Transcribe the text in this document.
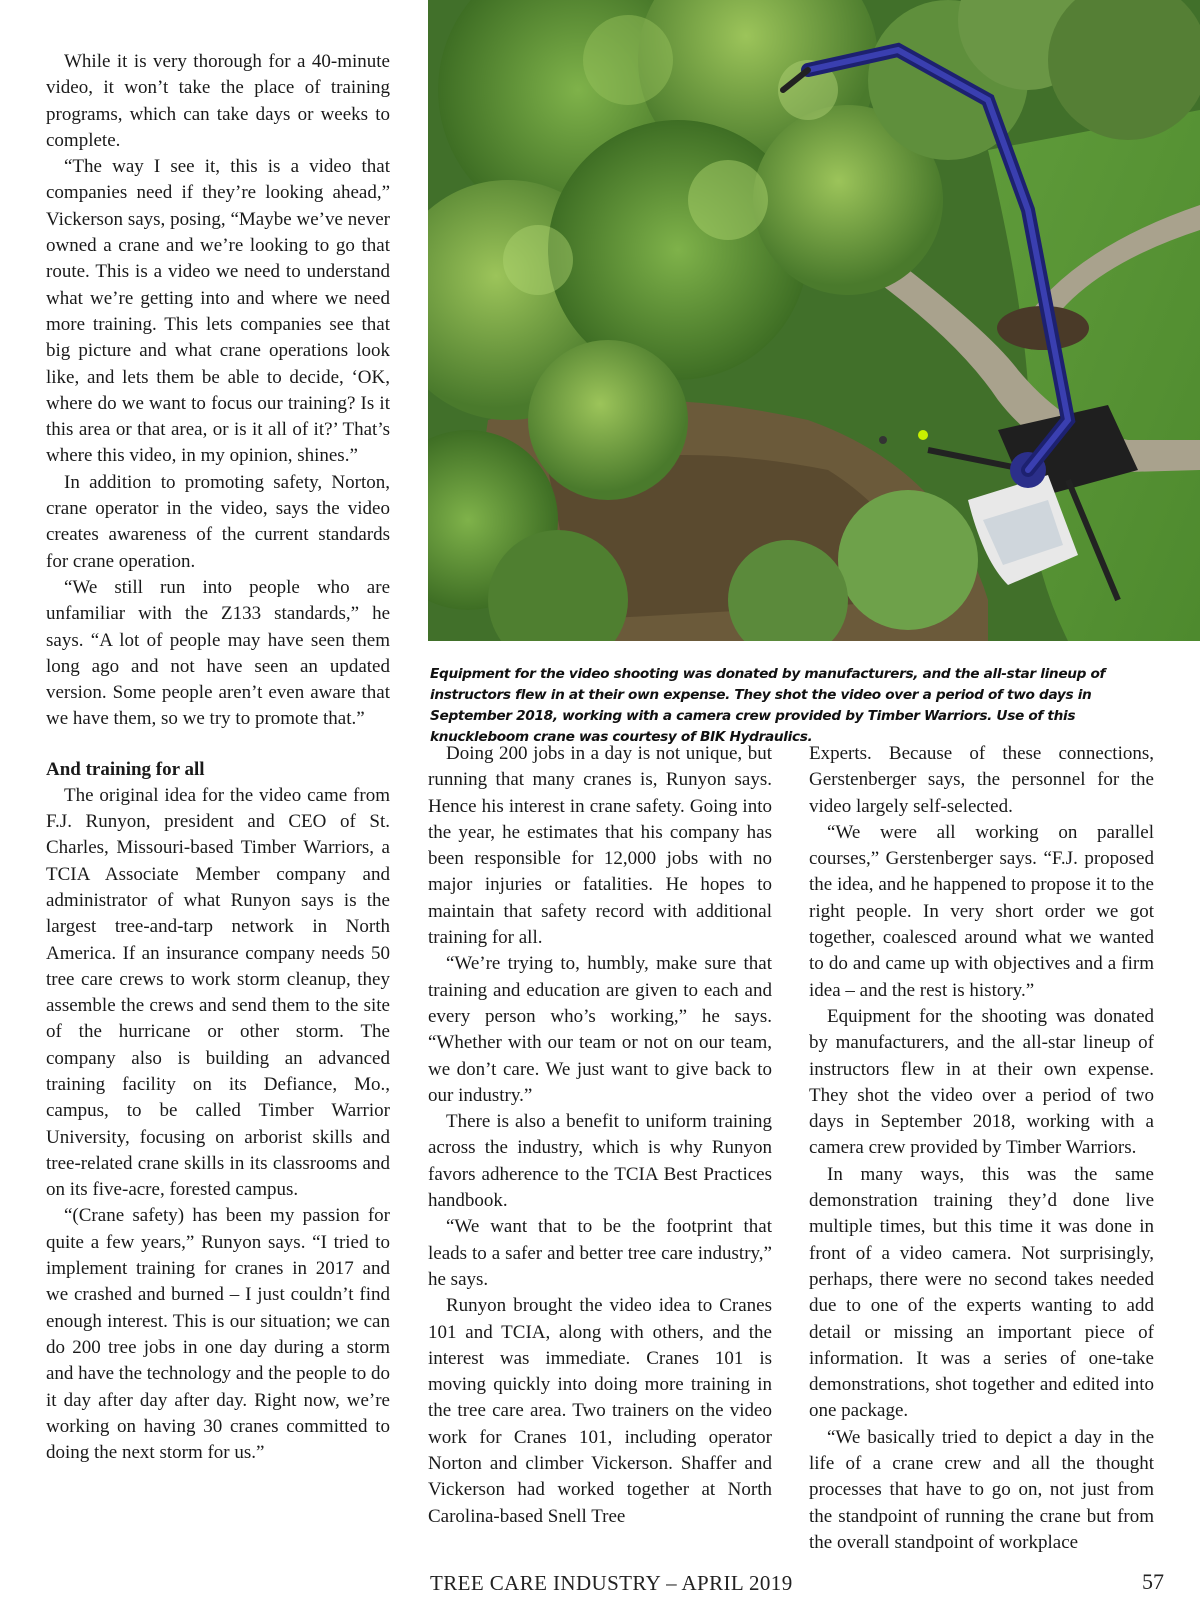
While it is very thorough for a 40-minute video, it won’t take the place of training programs, which can take days or weeks to complete.

“The way I see it, this is a video that companies need if they’re looking ahead,” Vickerson says, posing, “Maybe we’ve never owned a crane and we’re looking to go that route. This is a video we need to understand what we’re getting into and where we need more training. This lets companies see that big picture and what crane operations look like, and lets them be able to decide, ‘OK, where do we want to focus our training? Is it this area or that area, or is it all of it?’ That’s where this video, in my opinion, shines.”

In addition to promoting safety, Norton, crane operator in the video, says the video creates awareness of the current standards for crane operation.

“We still run into people who are unfamiliar with the Z133 standards,” he says. “A lot of people may have seen them long ago and not have seen an updated version. Some people aren’t even aware that we have them, so we try to promote that.”

And training for all

The original idea for the video came from F.J. Runyon, president and CEO of St. Charles, Missouri-based Timber Warriors, a TCIA Associate Member company and administrator of what Runyon says is the largest tree-and-tarp network in North America. If an insurance company needs 50 tree care crews to work storm cleanup, they assemble the crews and send them to the site of the hurricane or other storm. The company also is building an advanced training facility on its Defiance, Mo., campus, to be called Timber Warrior University, focusing on arborist skills and tree-related crane skills in its classrooms and on its five-acre, forested campus.

“(Crane safety) has been my passion for quite a few years,” Runyon says. “I tried to implement training for cranes in 2017 and we crashed and burned – I just couldn’t find enough interest. This is our situation; we can do 200 tree jobs in one day during a storm and have the technology and the people to do it day after day after day. Right now, we’re working on having 30 cranes committed to doing the next storm for us.”

Equipment for the video shooting was donated by manufacturers, and the all-star lineup of instructors flew in at their own expense. They shot the video over a period of two days in September 2018, working with a camera crew provided by Timber Warriors. Use of this knuckleboom crane was courtesy of BIK Hydraulics.

Doing 200 jobs in a day is not unique, but running that many cranes is, Runyon says. Hence his interest in crane safety. Going into the year, he estimates that his company has been responsible for 12,000 jobs with no major injuries or fatalities. He hopes to maintain that safety record with additional training for all.

“We’re trying to, humbly, make sure that training and education are given to each and every person who’s working,” he says. “Whether with our team or not on our team, we don’t care. We just want to give back to our industry.”

There is also a benefit to uniform training across the industry, which is why Runyon favors adherence to the TCIA Best Practices handbook.

“We want that to be the footprint that leads to a safer and better tree care industry,” he says.

Runyon brought the video idea to Cranes 101 and TCIA, along with others, and the interest was immediate. Cranes 101 is moving quickly into doing more training in the tree care area. Two trainers on the video work for Cranes 101, including operator Norton and climber Vickerson. Shaffer and Vickerson had worked together at North Carolina-based Snell Tree

Experts. Because of these connections, Gerstenberger says, the personnel for the video largely self-selected.

“We were all working on parallel courses,” Gerstenberger says. “F.J. proposed the idea, and he happened to propose it to the right people. In very short order we got together, coalesced around what we wanted to do and came up with objectives and a firm idea – and the rest is history.”

Equipment for the shooting was donated by manufacturers, and the all-star lineup of instructors flew in at their own expense. They shot the video over a period of two days in September 2018, working with a camera crew provided by Timber Warriors.

In many ways, this was the same demonstration training they’d done live multiple times, but this time it was done in front of a video camera. Not surprisingly, perhaps, there were no second takes needed due to one of the experts wanting to add detail or missing an important piece of information. It was a series of one-take demonstrations, shot together and edited into one package.

“We basically tried to depict a day in the life of a crane crew and all the thought processes that have to go on, not just from the standpoint of running the crane but from the overall standpoint of workplace

TREE CARE INDUSTRY – APRIL 2019	57
